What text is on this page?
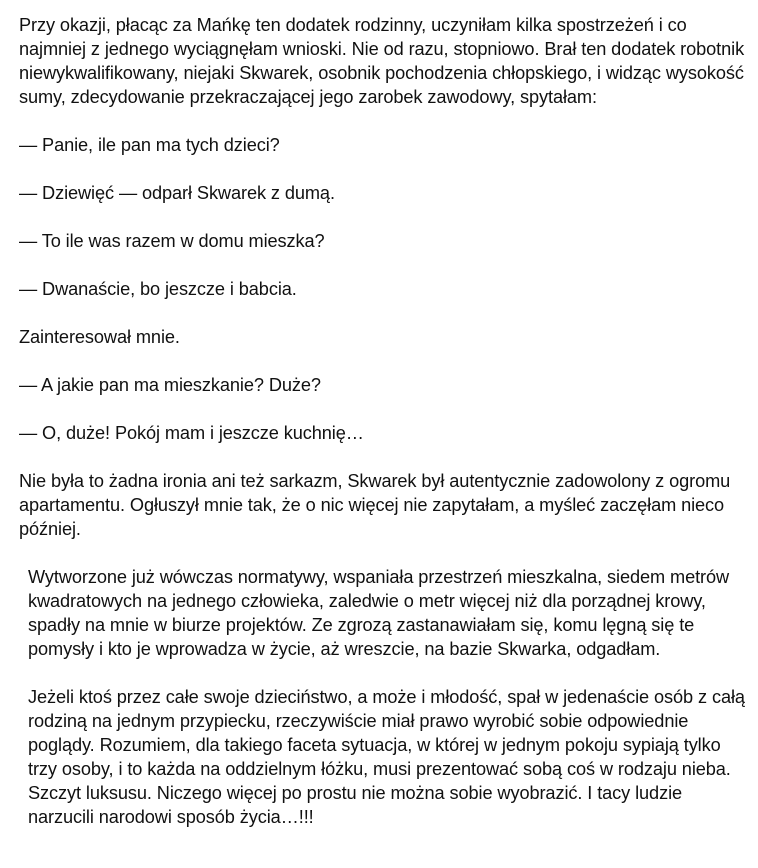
Przy okazji, płacąc za Mańkę ten dodatek rodzinny, uczyniłam kilka spostrzeżeń i co najmniej z jednego wyciągnęłam wnioski. Nie od razu, stopniowo. Brał ten dodatek robotnik niewykwalifikowany, niejaki Skwarek, osobnik pochodzenia chłopskiego, i widząc wysokość sumy, zdecydowanie przekraczającej jego zarobek zawodowy, spytałam:

— Panie, ile pan ma tych dzieci?

— Dziewięć — odparł Skwarek z dumą.

— To ile was razem w domu mieszka?

— Dwanaście, bo jeszcze i babcia.

Zainteresował mnie.

— A jakie pan ma mieszkanie? Duże?

— O, duże! Pokój mam i jeszcze kuchnię…

Nie była to żadna ironia ani też sarkazm, Skwarek był autentycznie zadowolony z ogromu apartamentu. Ogłuszył mnie tak, że o nic więcej nie zapytałam, a myśleć zaczęłam nieco później.

Wytworzone już wówczas normatywy, wspaniała przestrzeń mieszkalna, siedem metrów kwadratowych na jednego człowieka, zaledwie o metr więcej niż dla porządnej krowy, spadły na mnie w biurze projektów. Ze zgrozą zastanawiałam się, komu lęgną się te pomysły i kto je wprowadza w życie, aż wreszcie, na bazie Skwarka, odgadłam.

Jeżeli ktoś przez całe swoje dzieciństwo, a może i młodość, spał w jedenaście osób z całą rodziną na jednym przypiecku, rzeczywiście miał prawo wyrobić sobie odpowiednie poglądy. Rozumiem, dla takiego faceta sytuacja, w której w jednym pokoju sypiają tylko trzy osoby, i to każda na oddzielnym łóżku, musi prezentować sobą coś w rodzaju nieba. Szczyt luksusu. Niczego więcej po prostu nie można sobie wyobrazić. I tacy ludzie narzucili narodowi sposób życia…!!!
